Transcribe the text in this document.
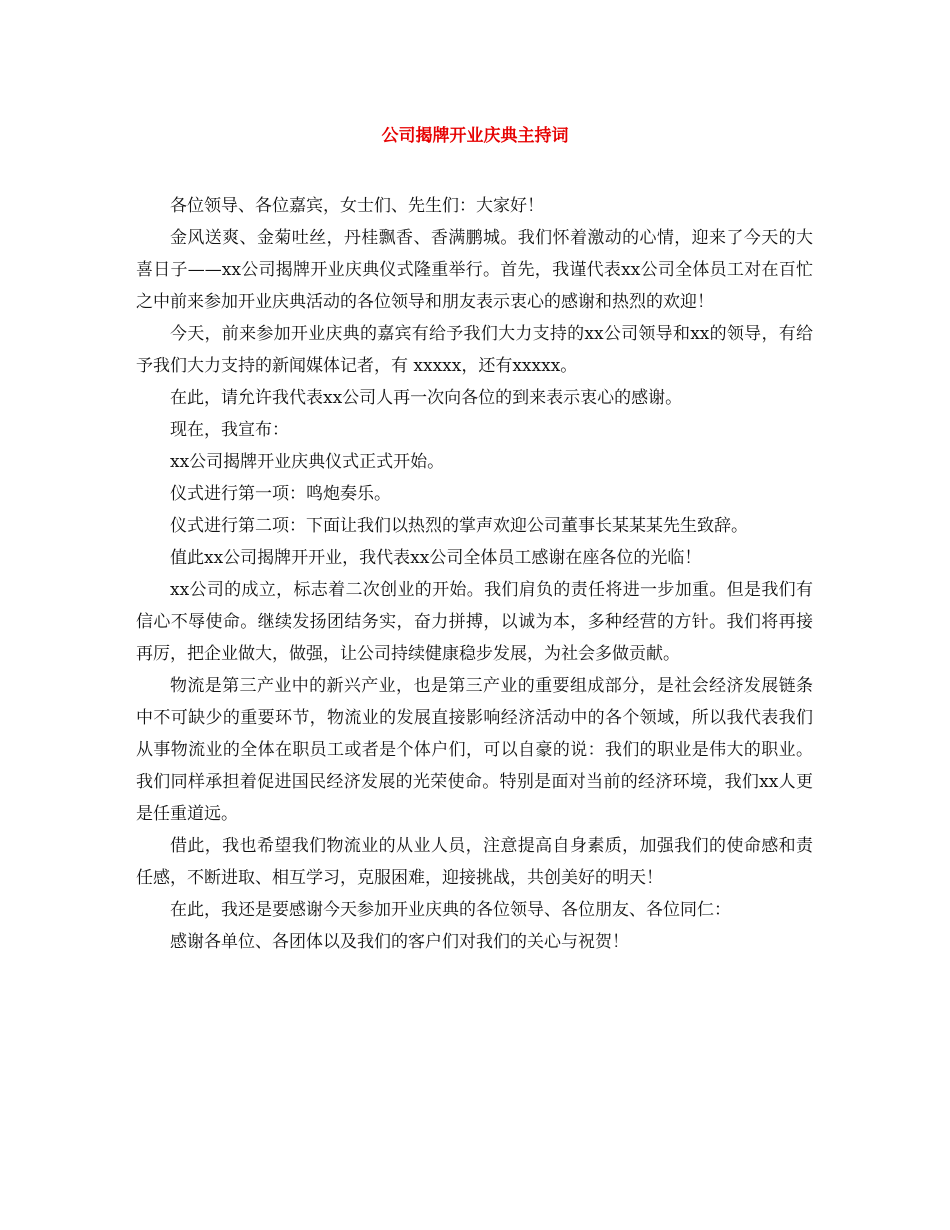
公司揭牌开业庆典主持词

各位领导、各位嘉宾，女士们、先生们：大家好！

金风送爽、金菊吐丝，丹桂飘香、香满鹏城。我们怀着激动的心情，迎来了今天的大喜日子——xx公司揭牌开业庆典仪式隆重举行。首先，我谨代表xx公司全体员工对在百忙之中前来参加开业庆典活动的各位领导和朋友表示衷心的感谢和热烈的欢迎！

今天，前来参加开业庆典的嘉宾有给予我们大力支持的xx公司领导和xx的领导，有给予我们大力支持的新闻媒体记者，有 xxxxx，还有xxxxx。

在此，请允许我代表xx公司人再一次向各位的到来表示衷心的感谢。

现在，我宣布：

xx公司揭牌开业庆典仪式正式开始。

仪式进行第一项：鸣炮奏乐。

仪式进行第二项：下面让我们以热烈的掌声欢迎公司董事长某某某先生致辞。

值此xx公司揭牌开开业，我代表xx公司全体员工感谢在座各位的光临！

xx公司的成立，标志着二次创业的开始。我们肩负的责任将进一步加重。但是我们有信心不辱使命。继续发扬团结务实，奋力拼搏，以诚为本，多种经营的方针。我们将再接再厉，把企业做大，做强，让公司持续健康稳步发展，为社会多做贡献。

物流是第三产业中的新兴产业，也是第三产业的重要组成部分，是社会经济发展链条中不可缺少的重要环节，物流业的发展直接影响经济活动中的各个领域，所以我代表我们从事物流业的全体在职员工或者是个体户们，可以自豪的说：我们的职业是伟大的职业。我们同样承担着促进国民经济发展的光荣使命。特别是面对当前的经济环境，我们xx人更是任重道远。

借此，我也希望我们物流业的从业人员，注意提高自身素质，加强我们的使命感和责任感，不断进取、相互学习，克服困难，迎接挑战，共创美好的明天！

在此，我还是要感谢今天参加开业庆典的各位领导、各位朋友、各位同仁：

感谢各单位、各团体以及我们的客户们对我们的关心与祝贺！
